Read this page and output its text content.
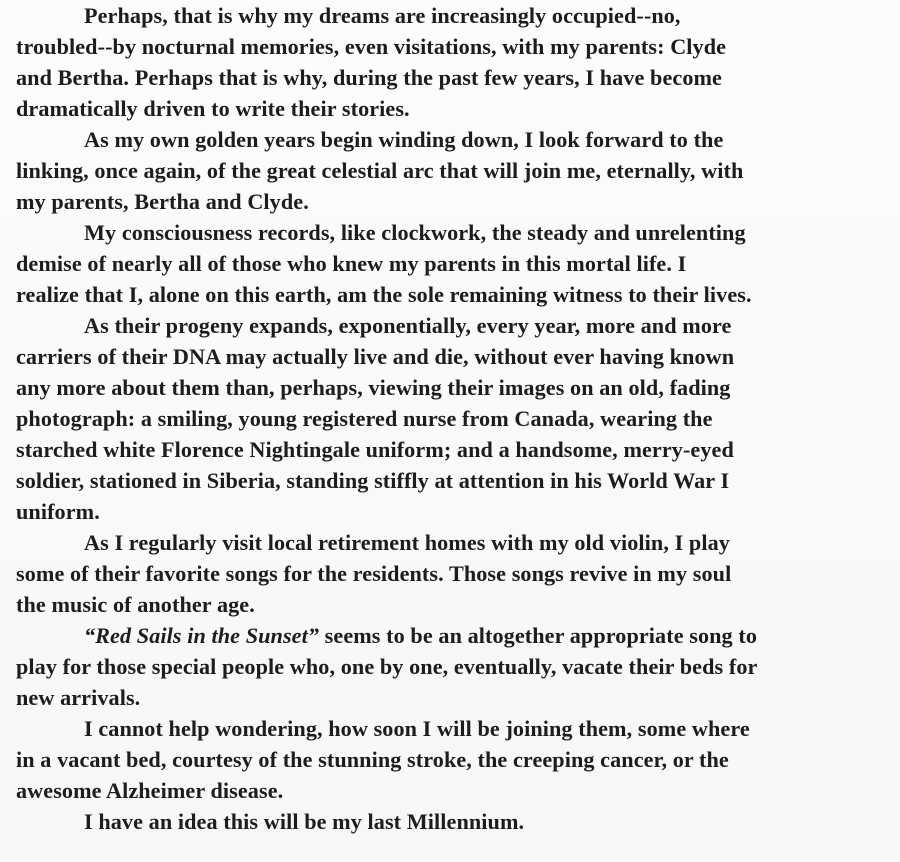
Perhaps, that is why my dreams are increasingly occupied--no,
troubled--by nocturnal memories, even visitations, with my parents: Clyde
and Bertha. Perhaps that is why, during the past few years, I have become
dramatically driven to write their stories.
As my own golden years begin winding down, I look forward to the
linking, once again, of the great celestial arc that will join me, eternally, with
my parents, Bertha and Clyde.
My consciousness records, like clockwork, the steady and unrelenting
demise of nearly all of those who knew my parents in this mortal life. I
realize that I, alone on this earth, am the sole remaining witness to their lives.
As their progeny expands, exponentially, every year, more and more
carriers of their DNA may actually live and die, without ever having known
any more about them than, perhaps, viewing their images on an old, fading
photograph: a smiling, young registered nurse from Canada, wearing the
starched white Florence Nightingale uniform; and a handsome, merry-eyed
soldier, stationed in Siberia, standing stiffly at attention in his World War I
uniform.
As I regularly visit local retirement homes with my old violin, I play
some of their favorite songs for the residents. Those songs revive in my soul
the music of another age.
“Red Sails in the Sunset” seems to be an altogether appropriate song to
play for those special people who, one by one, eventually, vacate their beds for
new arrivals.
I cannot help wondering, how soon I will be joining them, some where
in a vacant bed, courtesy of the stunning stroke, the creeping cancer, or the
awesome Alzheimer disease.
I have an idea this will be my last Millennium.
